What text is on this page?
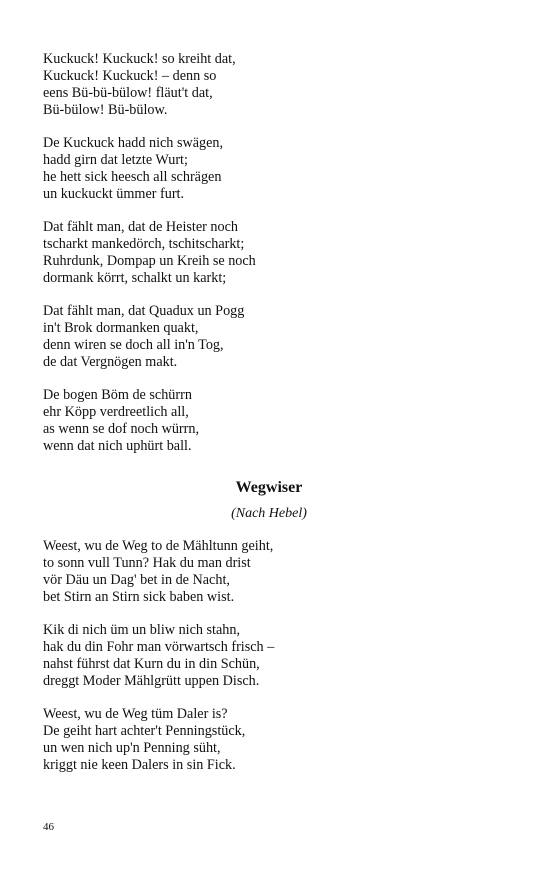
Kuckuck! Kuckuck! so kreiht dat,
Kuckuck! Kuckuck! – denn so
eens Bü-bü-bülow! fläut't dat,
Bü-bülow! Bü-bülow.
De Kuckuck hadd nich swägen,
hadd girn dat letzte Wurt;
he hett sick heesch all schrägen
un kuckuckt ümmer furt.
Dat fählt man, dat de Heister noch
tscharkt mankedörch, tschitscharkt;
Ruhrdunk, Dompap un Kreih se noch
dormank körrt, schalkt un karkt;
Dat fählt man, dat Quadux un Pogg
in't Brok dormanken quakt,
denn wiren se doch all in'n Tog,
de dat Vergnögen makt.
De bogen Böm de schürrn
ehr Köpp verdreetlich all,
as wenn se dof noch würrn,
wenn dat nich uphürt ball.
Wegwiser

(Nach Hebel)

Weest, wu de Weg to de Mähltunn geiht,
to sonn vull Tunn? Hak du man drist
vör Däu un Dag' bet in de Nacht,
bet Stirn an Stirn sick baben wist.
Kik di nich üm un bliw nich stahn,
hak du din Fohr man vörwartsch frisch –
nahst führst dat Kurn du in din Schün,
dreggt Moder Mählgrütt uppen Disch.
Weest, wu de Weg tüm Daler is?
De geiht hart achter't Penningstück,
un wen nich up'n Penning süht,
kriggt nie keen Dalers in sin Fick.

46
